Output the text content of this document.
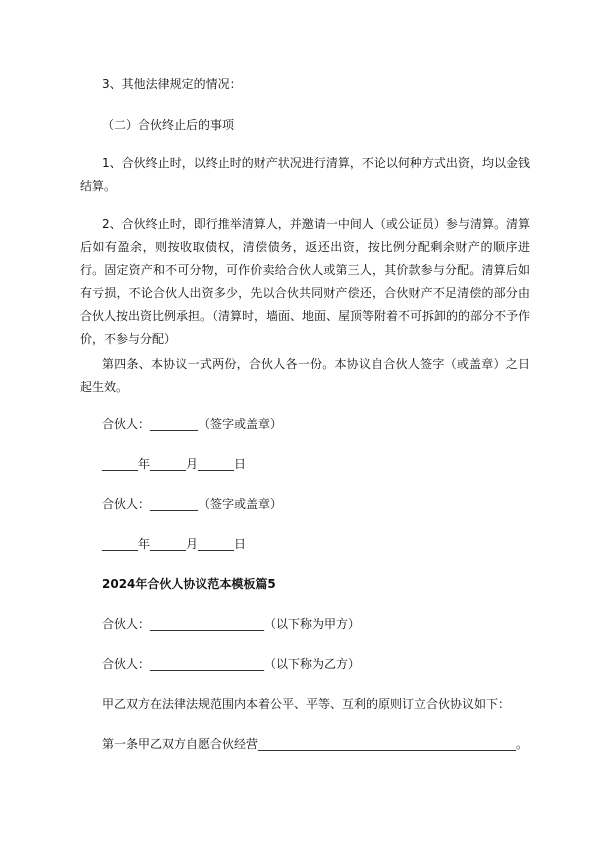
3、其他法律规定的情况：
（二）合伙终止后的事项
1、合伙终止时，以终止时的财产状况进行清算，不论以何种方式出资，均以金钱结算。
2、合伙终止时，即行推举清算人，并邀请一中间人（或公证员）参与清算。清算后如有盈余，则按收取债权，清偿债务，返还出资，按比例分配剩余财产的顺序进行。固定资产和不可分物，可作价卖给合伙人或第三人，其价款参与分配。清算后如有亏损，不论合伙人出资多少，先以合伙共同财产偿还，合伙财产不足清偿的部分由合伙人按出资比例承担。（清算时，墙面、地面、屋顶等附着不可拆卸的的部分不予作价，不参与分配）
第四条、本协议一式两份，合伙人各一份。本协议自合伙人签字（或盖章）之日起生效。
合伙人：________（签字或盖章）
______年______月______日
合伙人：________（签字或盖章）
______年______月______日
2024年合伙人协议范本模板篇5
合伙人：___________________（以下称为甲方）
合伙人：___________________（以下称为乙方）
甲乙双方在法律法规范围内本着公平、平等、互利的原则订立合伙协议如下：
第一条甲乙双方自愿合伙经营___________________________________________。
